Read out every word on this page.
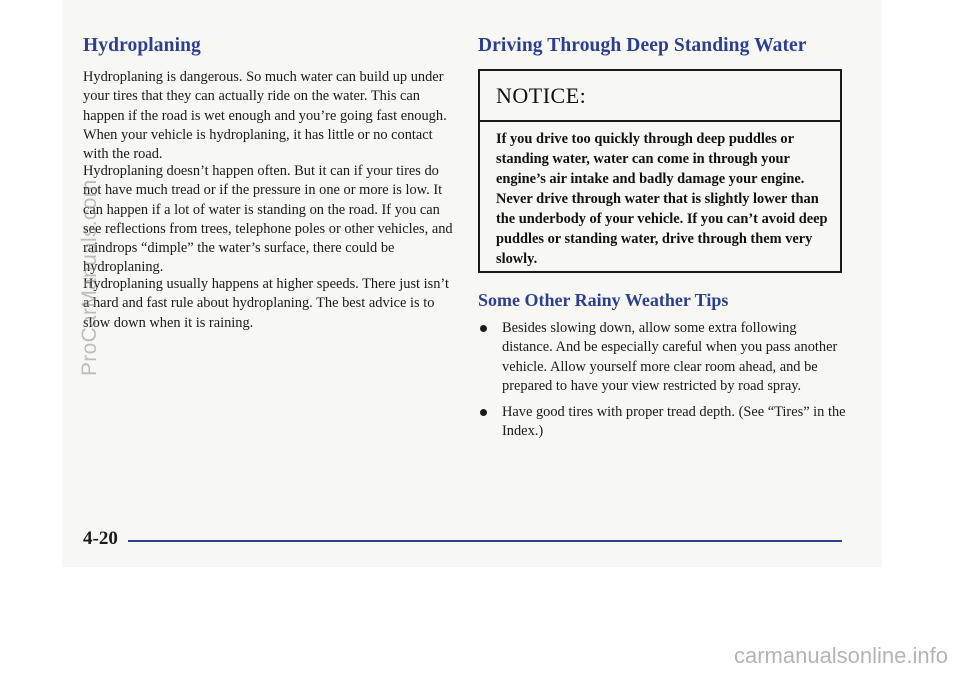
Hydroplaning

Hydroplaning is dangerous. So much water can build up under your tires that they can actually ride on the water. This can happen if the road is wet enough and you’re going fast enough. When your vehicle is hydroplaning, it has little or no contact with the road.

Hydroplaning doesn’t happen often. But it can if your tires do not have much tread or if the pressure in one or more is low. It can happen if a lot of water is standing on the road. If you can see reflections from trees, telephone poles or other vehicles, and raindrops “dimple” the water’s surface, there could be hydroplaning.

Hydroplaning usually happens at higher speeds. There just isn’t a hard and fast rule about hydroplaning. The best advice is to slow down when it is raining.

Driving Through Deep Standing Water
NOTICE:

If you drive too quickly through deep puddles or standing water, water can come in through your engine’s air intake and badly damage your engine. Never drive through water that is slightly lower than the underbody of your vehicle. If you can’t avoid deep puddles or standing water, drive through them very slowly.

Some Other Rainy Weather Tips
Besides slowing down, allow some extra following distance. And be especially careful when you pass another vehicle. Allow yourself more clear room ahead, and be prepared to have your view restricted by road spray.
Have good tires with proper tread depth. (See “Tires” in the Index.)

4-20

ProCarManuals.com
carmanualsonline.info
